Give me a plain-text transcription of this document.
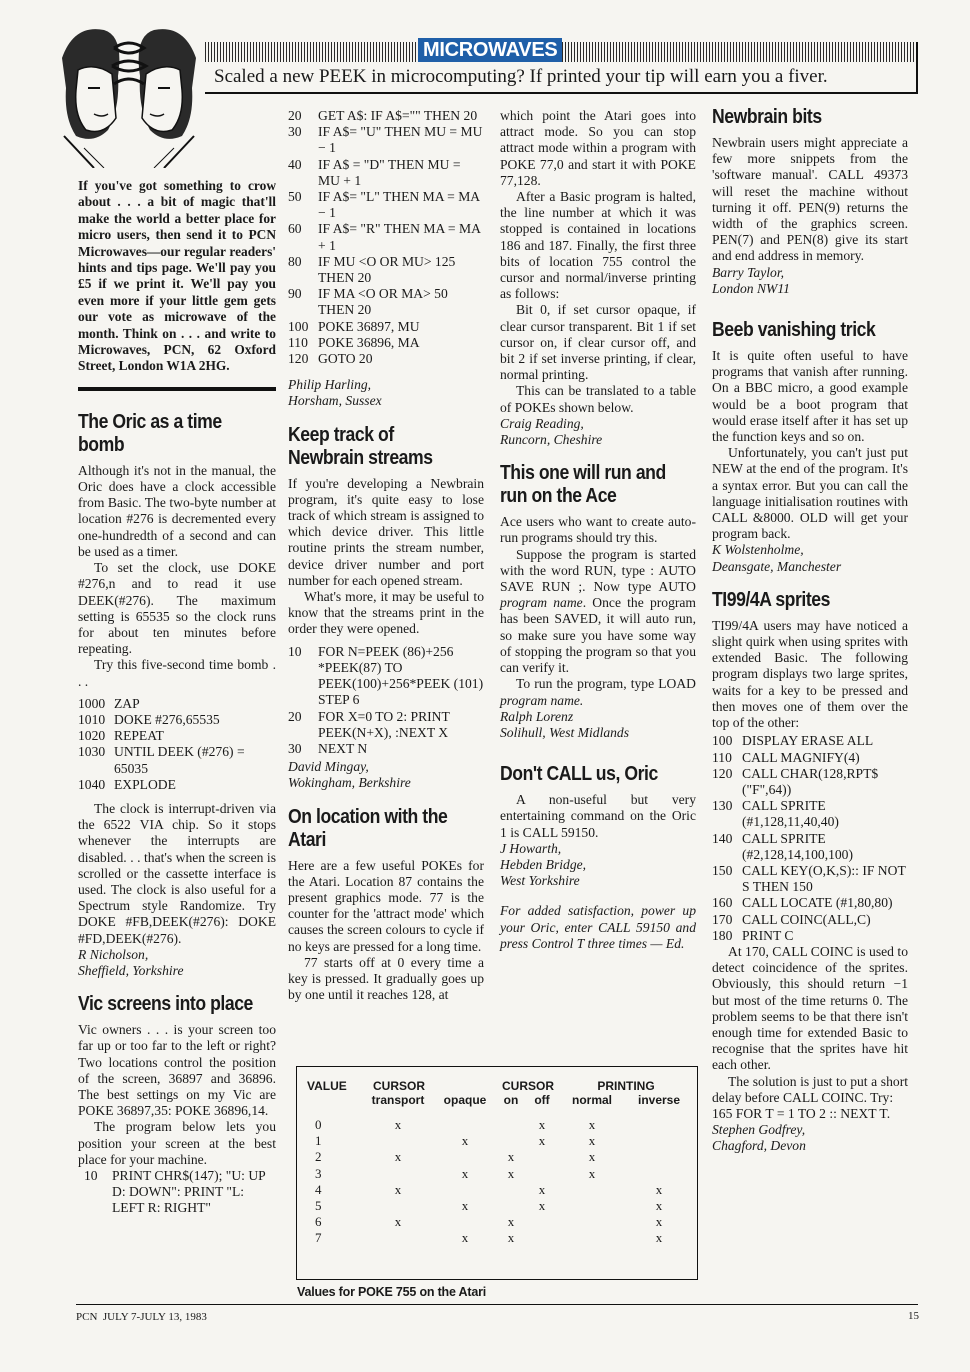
MICROWAVES
Scaled a new PEEK in microcomputing? If printed your tip will earn you a fiver.

If you've got something to crow about . . . a bit of magic that'll make the world a better place for micro users, then send it to PCN Microwaves—our regular readers' hints and tips page. We'll pay you £5 if we print it. We'll pay you even more if your little gem gets our vote as microwave of the month. Think on . . . and write to Microwaves, PCN, 62 Oxford Street, London W1A 2HG.

The Oric as a time bomb

Although it's not in the manual, the Oric does have a clock accessible from Basic. The two-byte number at location #276 is decremented every one-hundredth of a second and can be used as a timer.

To set the clock, use DOKE #276,n and to read it use DEEK(#276). The maximum setting is 65535 so the clock runs for about ten minutes before repeating.

Try this five-second time bomb . . .

1000 ZAP
1010 DOKE #276,65535
1020 REPEAT
1030 UNTIL DEEK (#276) = 65035
1040 EXPLODE

The clock is interrupt-driven via the 6522 VIA chip. So it stops whenever the interrupts are disabled. . . that's when the screen is scrolled or the cassette interface is used. The clock is also useful for a Spectrum style Randomize. Try DOKE #FB,DEEK(#276): DOKE #FD,DEEK(#276).

R Nicholson,

Sheffield, Yorkshire

Vic screens into place

Vic owners . . . is your screen too far up or too far to the left or right? Two locations control the position of the screen, 36897 and 36896. The best settings on my Vic are POKE 36897,35: POKE 36896,14.

The program below lets you position your screen at the best place for your machine.

10	PRINT CHR$(147); "U: UP D: DOWN": PRINT "L: LEFT R: RIGHT"
20	GET A$: IF A$="" THEN 20
30	IF A$= "U" THEN MU = MU − 1
40	IF A$ = "D" THEN MU = MU + 1
50	IF A$= "L" THEN MA = MA − 1
60	IF A$= "R" THEN MA = MA + 1
80	IF MU <O OR MU> 125 THEN 20
90	IF MA <O OR MA> 50 THEN 20
100 POKE 36897, MU
110 POKE 36896, MA
120 GOTO 20

Philip Harling,

Horsham, Sussex

Keep track of Newbrain streams

If you're developing a Newbrain program, it's quite easy to lose track of which stream is assigned to which device driver. This little routine prints the stream number, device driver number and port number for each opened stream.

What's more, it may be useful to know that the streams print in the order they were opened.

10	FOR N=PEEK (86)+256 *PEEK(87) TO PEEK(100)+256*PEEK (101) STEP 6
20	FOR X=0 TO 2: PRINT PEEK(N+X), :NEXT X
30	NEXT N

David Mingay,

Wokingham, Berkshire

On location with the Atari

Here are a few useful POKEs for the Atari. Location 87 contains the present graphics mode. 77 is the counter for the 'attract mode' which causes the screen colours to cycle if no keys are pressed for a long time.

77 starts off at 0 every time a key is pressed. It gradually goes up by one until it reaches 128, at

which point the Atari goes into attract mode. So you can stop attract mode within a program with POKE 77,0 and start it with POKE 77,128.

After a Basic program is halted, the line number at which it was stopped is contained in locations 186 and 187. Finally, the first three bits of location 755 control the cursor and normal/inverse printing as follows:

Bit 0, if set cursor opaque, if clear cursor transparent. Bit 1 if set cursor on, if clear cursor off, and bit 2 if set inverse printing, if clear, normal printing.

This can be translated to a table of POKEs shown below.

Craig Reading,

Runcorn, Cheshire

This one will run and run on the Ace

Ace users who want to create auto-run programs should try this.

Suppose the program is started with the word RUN, type : AUTO SAVE RUN ;. Now type AUTO program name. Once the program has been SAVED, it will auto run, so make sure you have some way of stopping the program so that you can verify it.

To run the program, type LOAD program name.

Ralph Lorenz

Solihull, West Midlands

Don't CALL us, Oric

A non-useful but very entertaining command on the Oric 1 is CALL 59150.

J Howarth,

Hebden Bridge,

West Yorkshire

For added satisfaction, power up your Oric, enter CALL 59150 and press Control T three times — Ed.

Newbrain bits

Newbrain users might appreciate a few more snippets from the 'software manual'. CALL 49373 will reset the machine without turning it off. PEN(9) returns the width of the graphics screen. PEN(7) and PEN(8) give its start and end address in memory.

Barry Taylor,

London NW11

Beeb vanishing trick

It is quite often useful to have programs that vanish after running. On a BBC micro, a good example would be a boot program that would erase itself after it has set up the function keys and so on.

Unfortunately, you can't just put NEW at the end of the program. It's a syntax error. But you can call the language initialisation routines with CALL &8000. OLD will get your program back.

K Wolstenholme,

Deansgate, Manchester

TI99/4A sprites

TI99/4A users may have noticed a slight quirk when using sprites with extended Basic. The following program displays two large sprites, waits for a key to be pressed and then moves one of them over the top of the other:

100 DISPLAY ERASE ALL
110 CALL MAGNIFY(4)
120 CALL CHAR(128,RPT$ ("F",64))
130 CALL SPRITE (#1,128,11,40,40)
140 CALL SPRITE (#2,128,14,100,100)
150 CALL KEY(O,K,S):: IF NOT S THEN 150
160 CALL LOCATE (#1,80,80)
170 CALL COINC(ALL,C)
180 PRINT C

At 170, CALL COINC is used to detect coincidence of the sprites. Obviously, this should return −1 but most of the time returns 0. The problem seems to be that there isn't enough time for extended Basic to recognise that the sprites have hit each other.

The solution is just to put a short delay before CALL COINC. Try:

165 FOR T = 1 TO 2 :: NEXT T.

Stephen Godfrey,

Chagford, Devon

VALUE	CURSOR		CURSOR		PRINTING	
	transport	opaque	on	off	normal	inverse

0	x			x	x	
1		x		x	x	
2	x		x		x	
3		x	x		x	
4	x			x		x
5		x		x		x
6	x		x			x
7		x	x			x
Values for POKE 755 on the Atari
PCN  JULY 7-JULY 13, 1983	15
